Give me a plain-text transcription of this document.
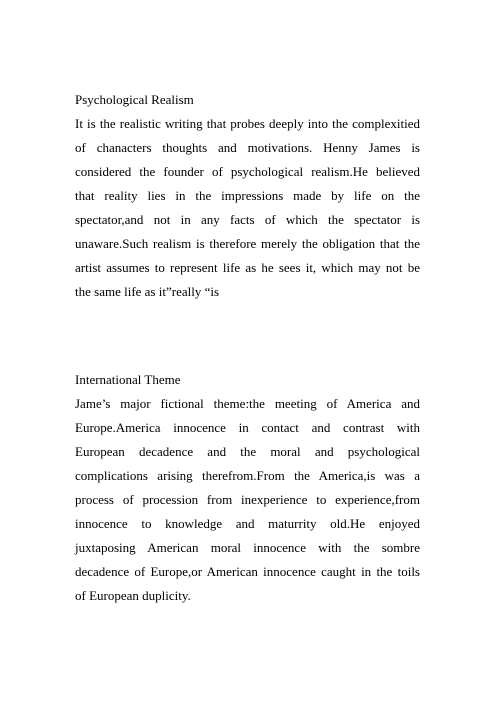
Psychological Realism
It is the realistic writing that probes deeply into the complexitied
of chanacters thoughts and motivations. Henny James is
considered the founder of psychological realism.He believed
that reality lies in the impressions made by life on the
spectator,and not in any facts of which the spectator is
unaware.Such realism is therefore merely the obligation that the
artist assumes to represent life as he sees it, which may not be
the same life as it”really “is
International Theme
Jame’s major fictional theme:the meeting of America and
Europe.America innocence in contact and contrast with
European decadence and the moral and psychological
complications arising therefrom.From the America,is was a
process of procession from inexperience to experience,from
innocence to knowledge and maturrity old.He enjoyed
juxtaposing American moral innocence with the sombre
decadence of Europe,or American innocence caught in the toils
of European duplicity.
